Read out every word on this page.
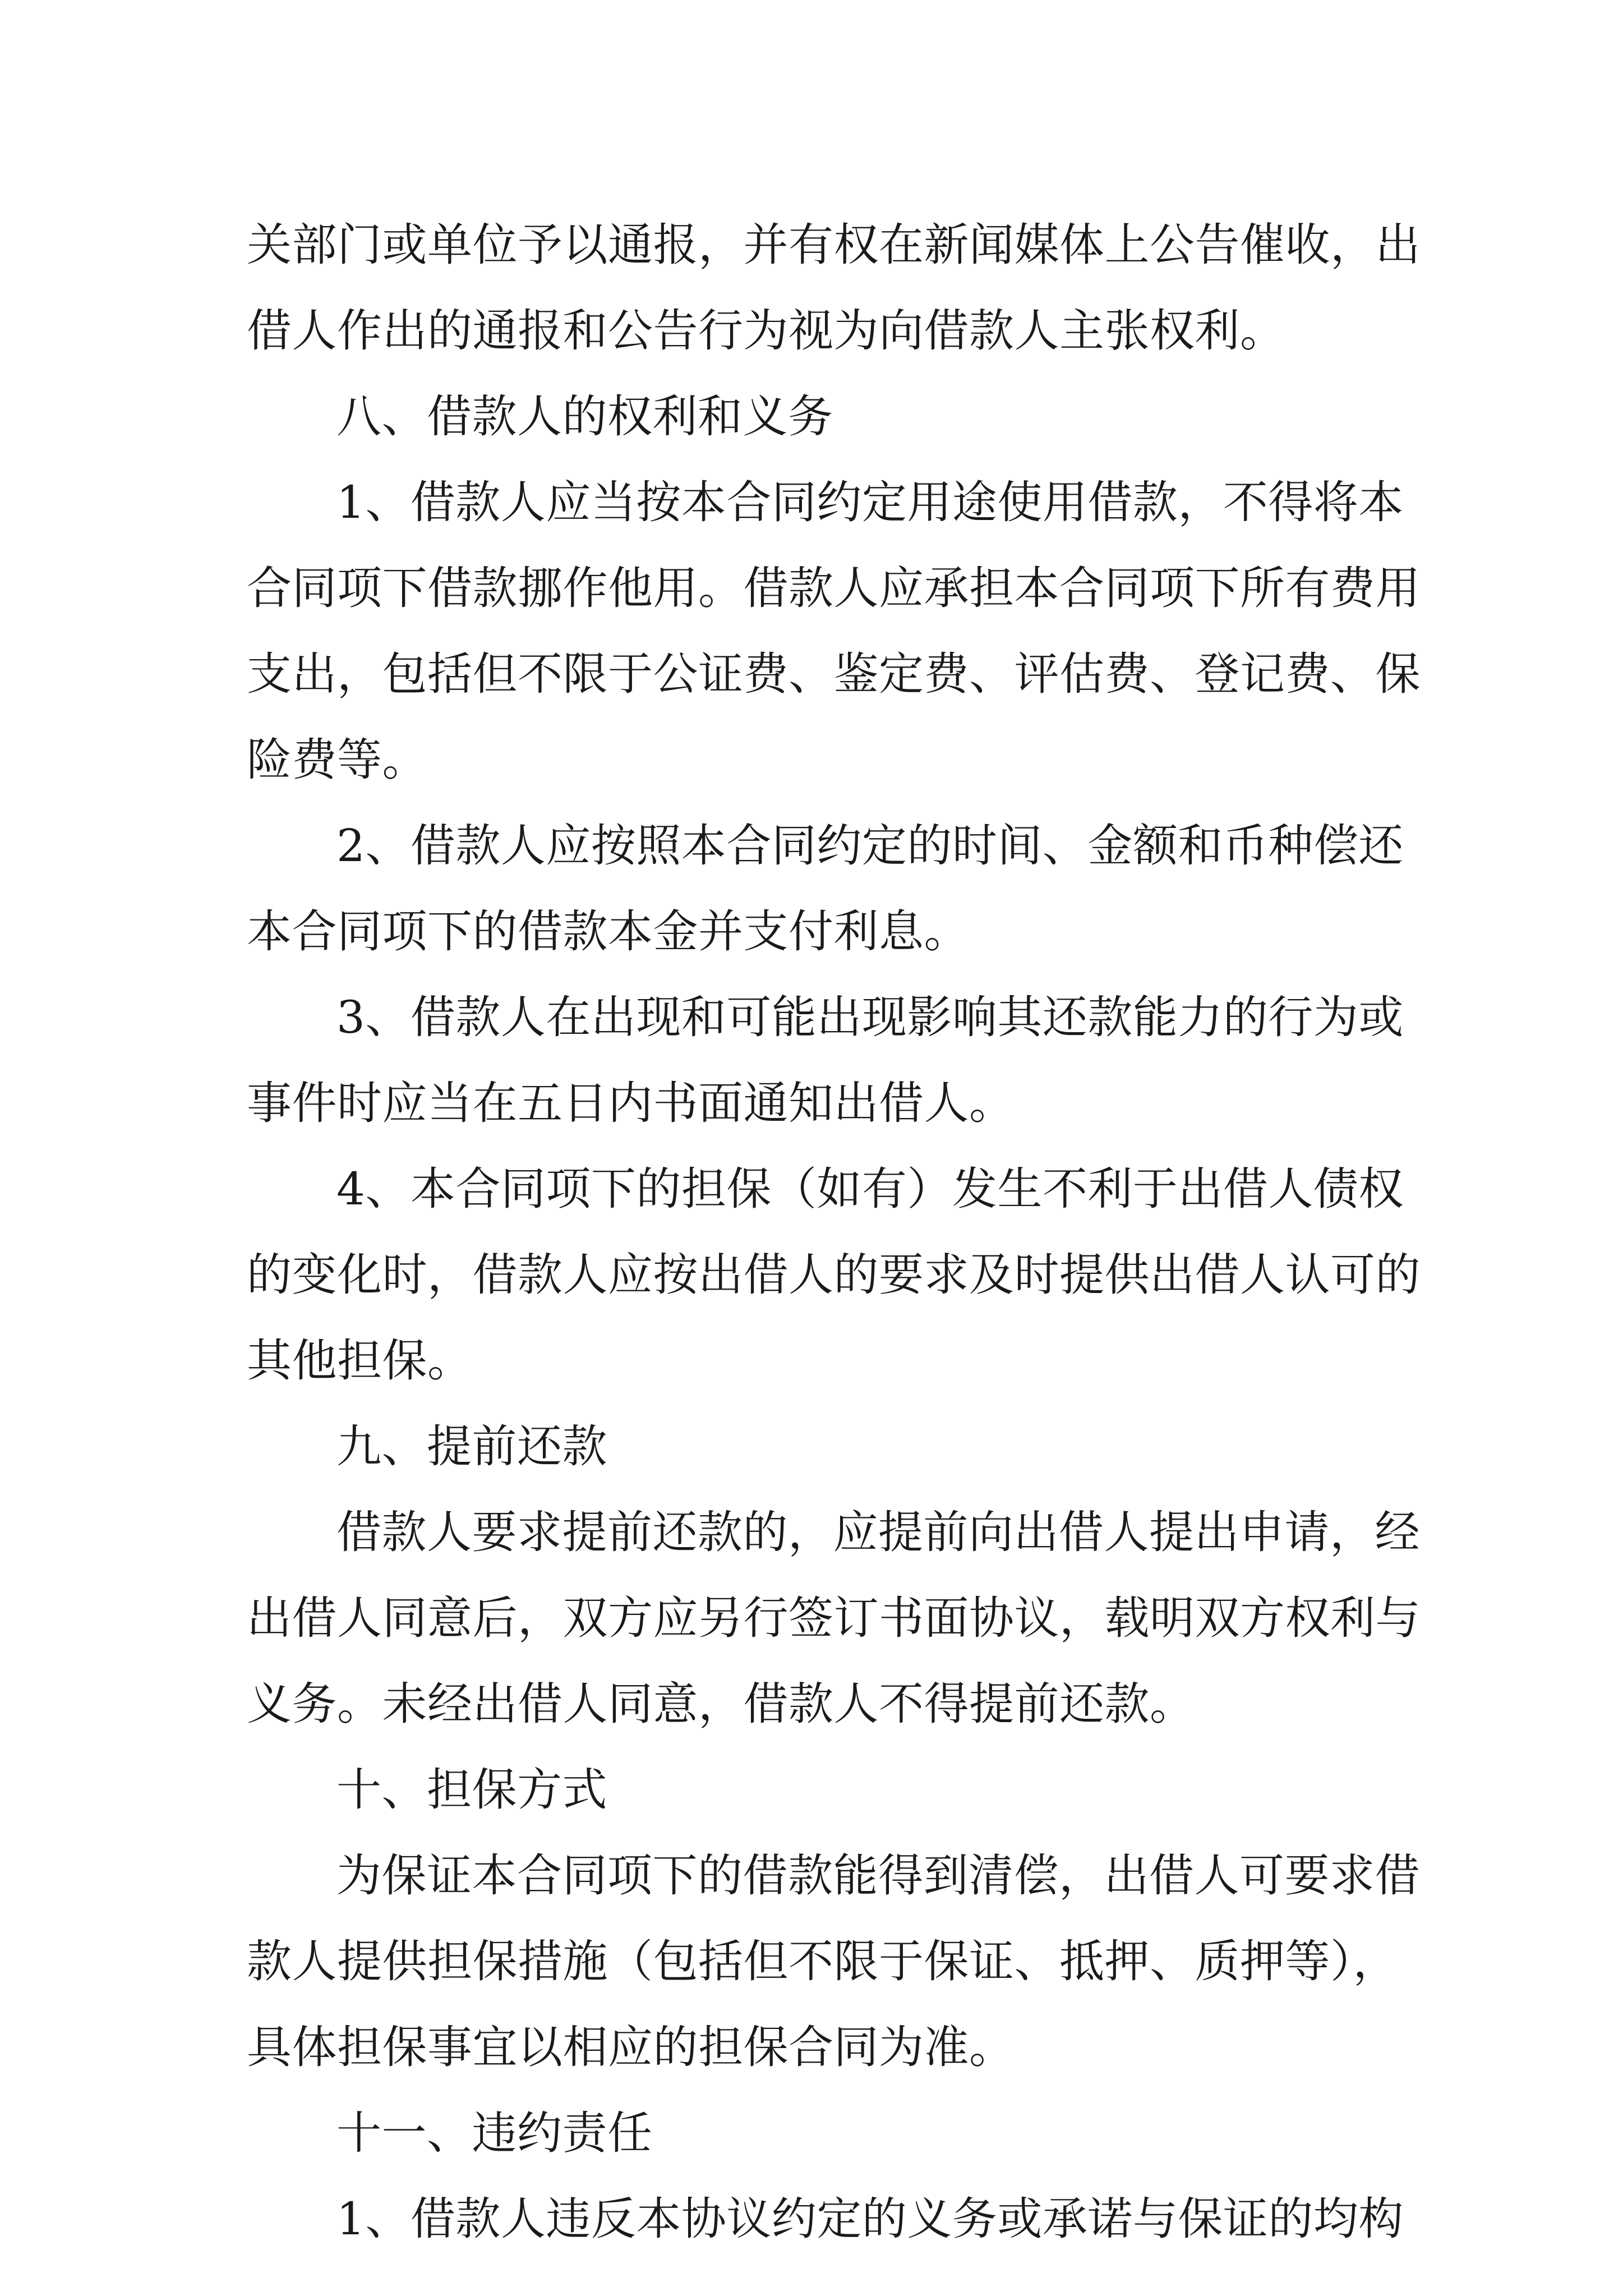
关部门或单位予以通报，并有权在新闻媒体上公告催收，出
借人作出的通报和公告行为视为向借款人主张权利。
八、借款人的权利和义务
1、借款人应当按本合同约定用途使用借款，不得将本
合同项下借款挪作他用。借款人应承担本合同项下所有费用
支出，包括但不限于公证费、鉴定费、评估费、登记费、保
险费等。
2、借款人应按照本合同约定的时间、金额和币种偿还
本合同项下的借款本金并支付利息。
3、借款人在出现和可能出现影响其还款能力的行为或
事件时应当在五日内书面通知出借人。
4、本合同项下的担保（如有）发生不利于出借人债权
的变化时，借款人应按出借人的要求及时提供出借人认可的
其他担保。
九、提前还款
借款人要求提前还款的，应提前向出借人提出申请，经
出借人同意后，双方应另行签订书面协议，载明双方权利与
义务。未经出借人同意，借款人不得提前还款。
十、担保方式
为保证本合同项下的借款能得到清偿，出借人可要求借
款人提供担保措施（包括但不限于保证、抵押、质押等），
具体担保事宜以相应的担保合同为准。
十一、违约责任
1、借款人违反本协议约定的义务或承诺与保证的均构
